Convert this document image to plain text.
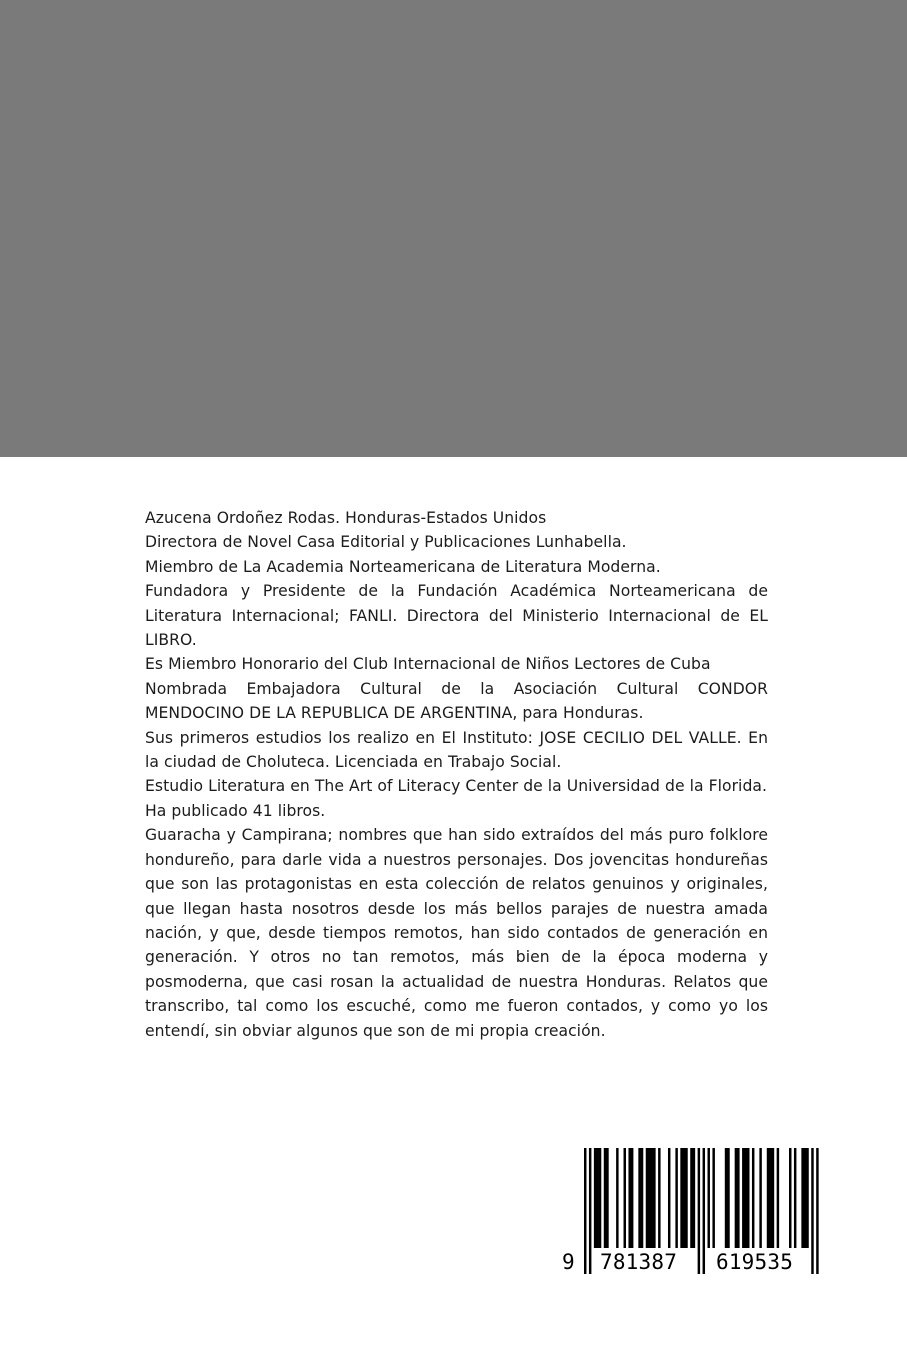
Azucena Ordoñez Rodas. Honduras-Estados Unidos

Directora de Novel Casa Editorial y Publicaciones Lunhabella.

Miembro de La Academia Norteamericana de Literatura Moderna.

Fundadora y Presidente de la Fundación Académica Norteamericana de Literatura Internacional; FANLI. Directora del Ministerio Internacional de EL LIBRO.

Es Miembro Honorario del Club Internacional de Niños Lectores de Cuba

Nombrada Embajadora Cultural de la Asociación Cultural CONDOR MENDOCINO DE LA REPUBLICA DE ARGENTINA, para Honduras.

Sus primeros estudios los realizo en El Instituto: JOSE CECILIO DEL VALLE. En la ciudad de Choluteca. Licenciada en Trabajo Social.

Estudio Literatura en The Art of Literacy Center de la Universidad de la Florida.

Ha publicado 41 libros.

Guaracha y Campirana; nombres que han sido extraídos del más puro folklore hondureño, para darle vida a nuestros personajes. Dos jovencitas hondureñas que son las protagonistas en esta colección de relatos genuinos y originales, que llegan hasta nosotros desde los más bellos parajes de nuestra amada nación, y que, desde tiempos remotos, han sido contados de generación en generación. Y otros no tan remotos, más bien de la época moderna y posmoderna, que casi rosan la actualidad de nuestra Honduras. Relatos que transcribo, tal como los escuché, como me fueron contados, y como yo los entendí, sin obviar algunos que son de mi propia creación.

9 781387 619535
